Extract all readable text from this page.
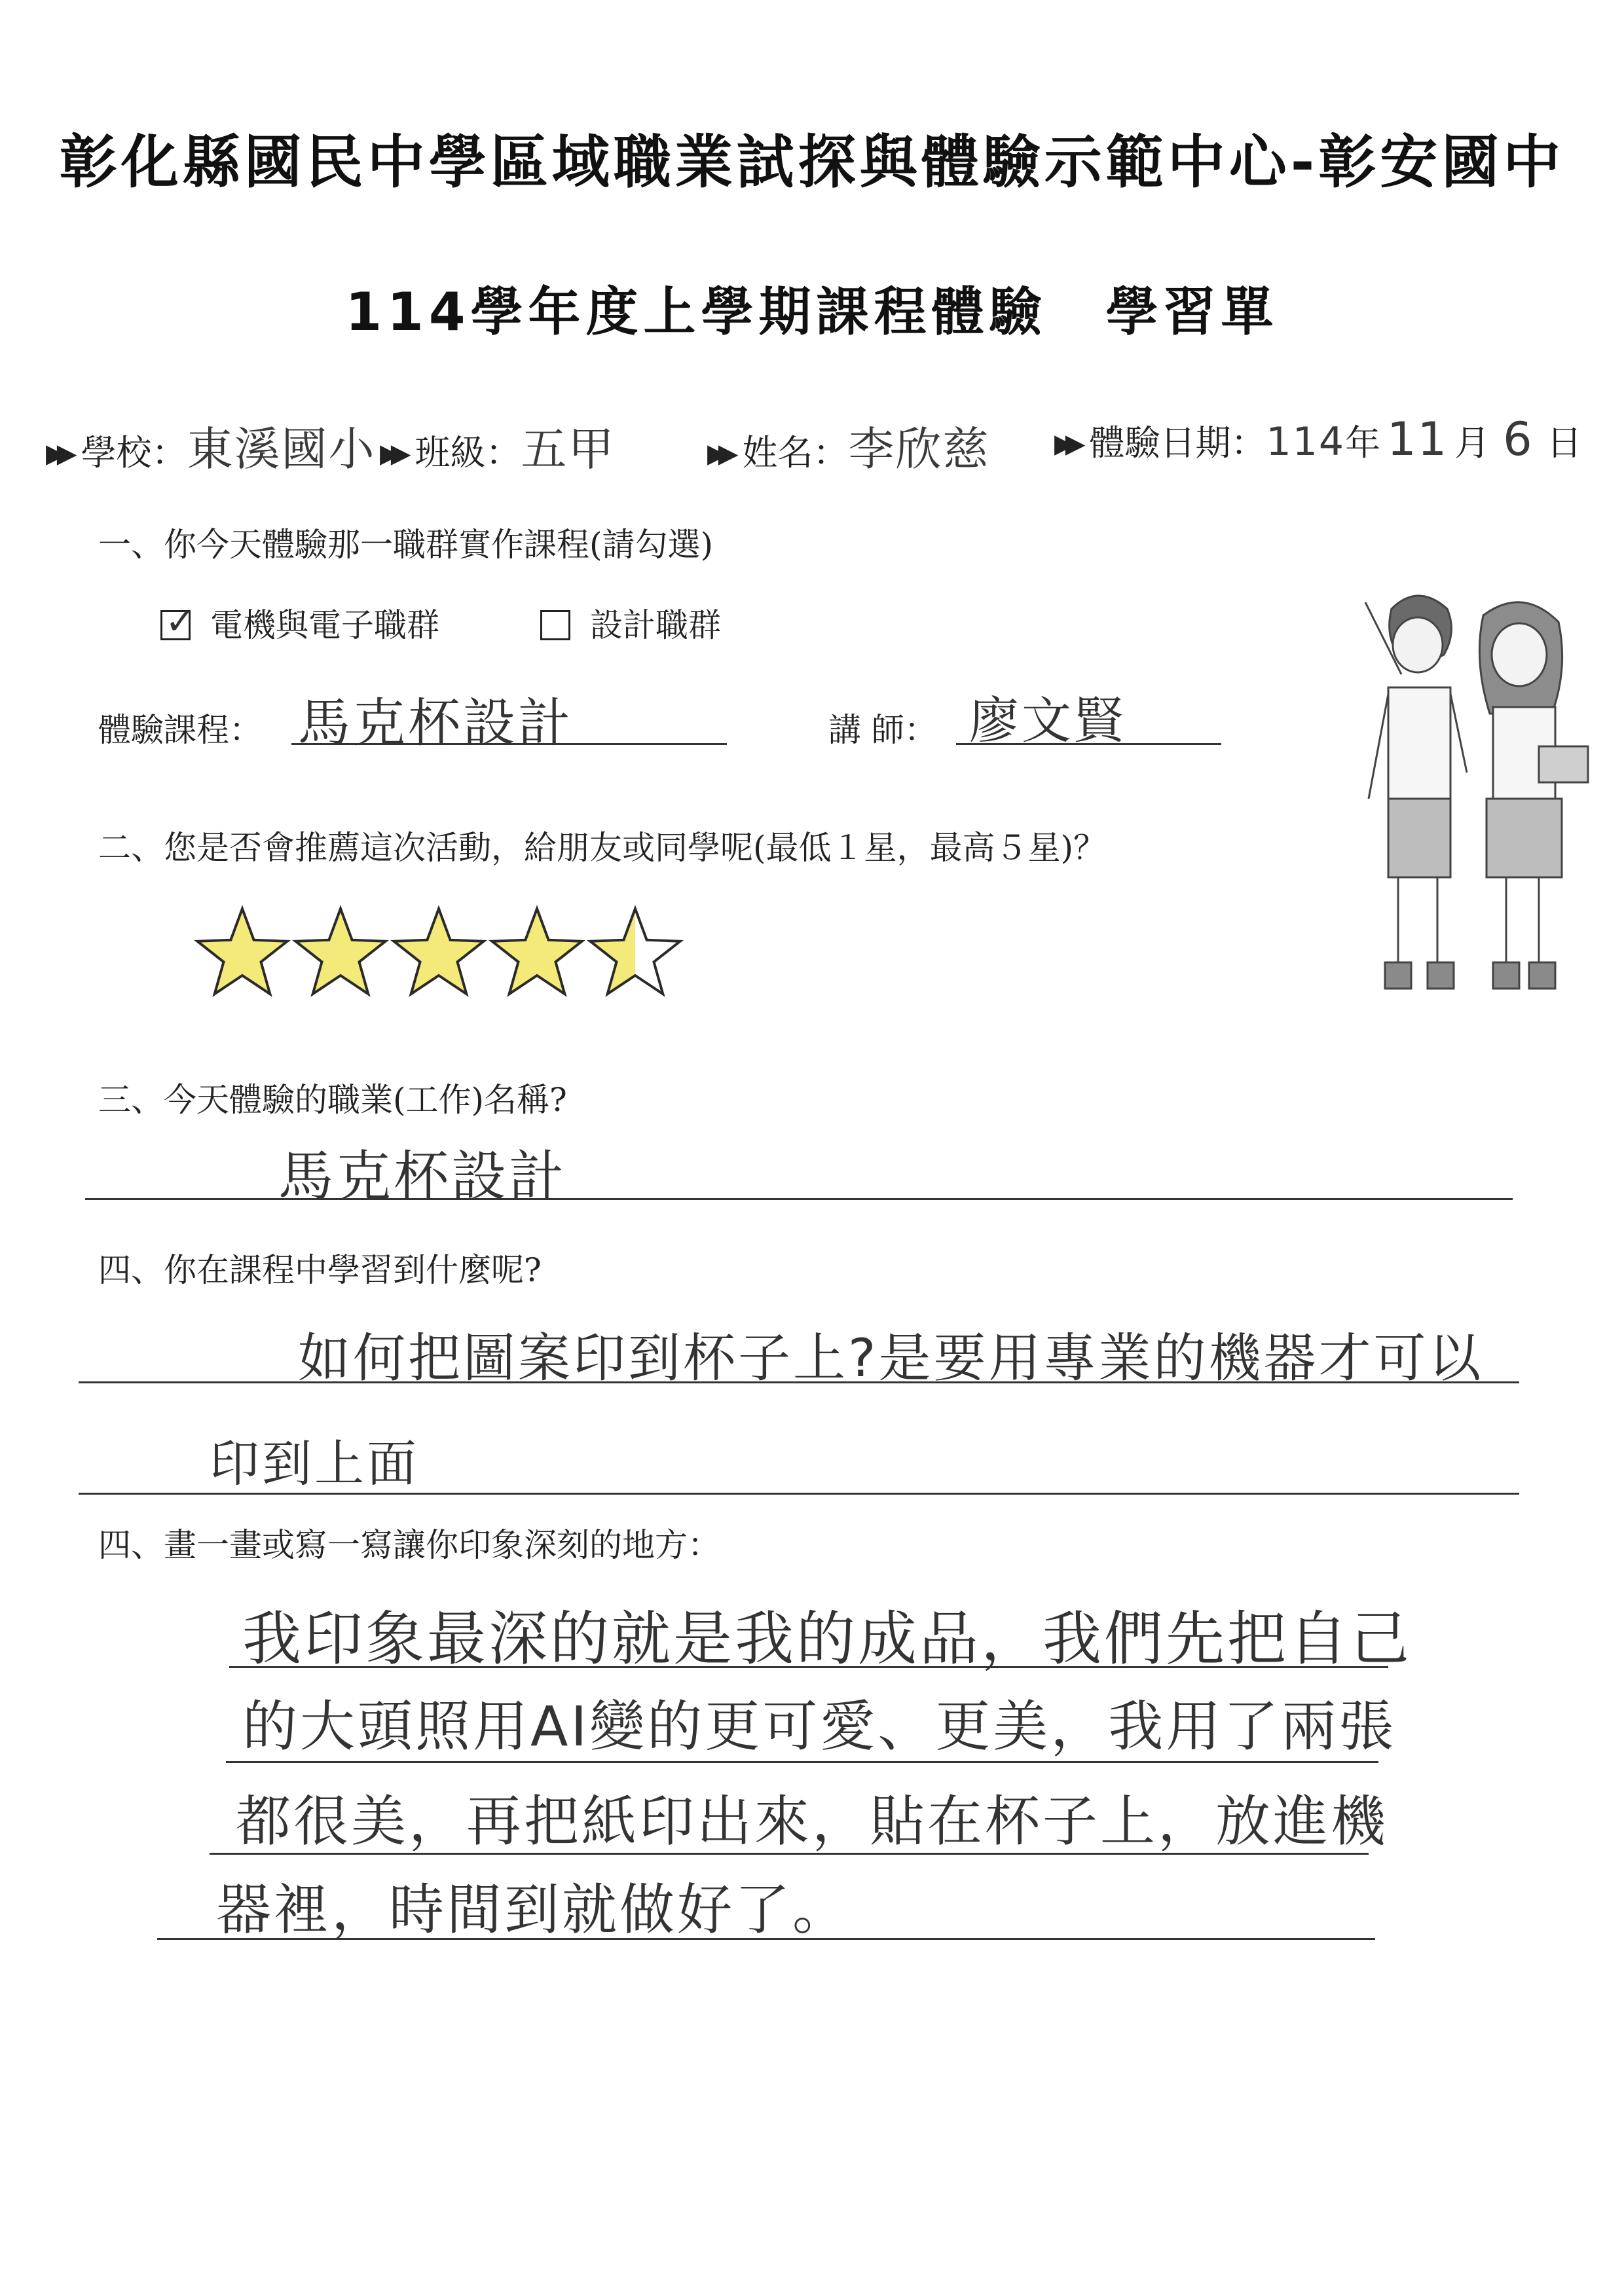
彰化縣國民中學區域職業試探與體驗示範中心-彰安國中
114學年度上學期課程體驗 學習單
▶▶ 學校：東溪國小 ▶▶ 班級：五甲	▶▶ 姓名：李欣慈 ▶▶ 體驗日期：114年 11 月 6 日
一、你今天體驗那一職群實作課程(請勾選)
✓ 電機與電子職群	設計職群
體驗課程： 馬克杯設計	講 師： 廖文賢
二、您是否會推薦這次活動，給朋友或同學呢(最低１星，最高５星)？
三、今天體驗的職業(工作)名稱?
馬克杯設計
四、你在課程中學習到什麼呢?
如何把圖案印到杯子上?是要用專業的機器才可以
印到上面
四、畫一畫或寫一寫讓你印象深刻的地方：
我印象最深的就是我的成品，我們先把自己
的大頭照用AI變的更可愛、更美，我用了兩張
都很美，再把紙印出來，貼在杯子上，放進機
器裡，時間到就做好了。
